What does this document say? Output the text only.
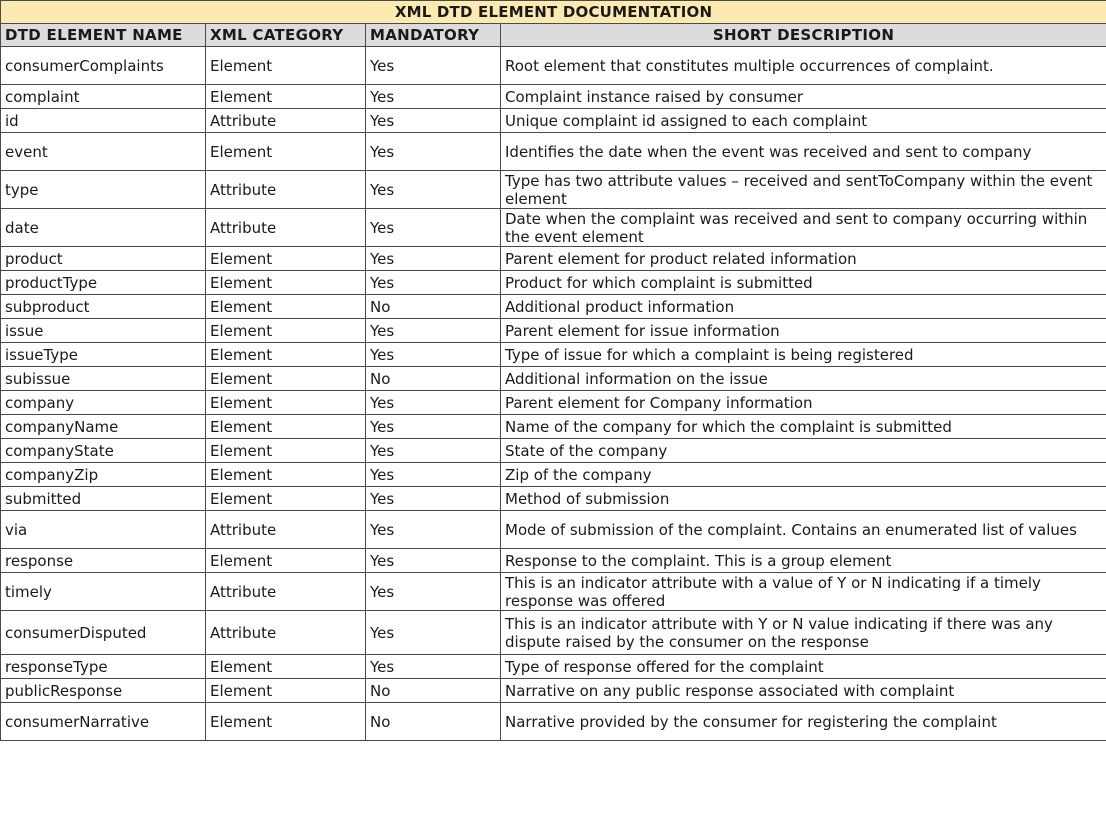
XML DTD ELEMENT DOCUMENTATION			
DTD ELEMENT NAME	XML CATEGORY	MANDATORY	SHORT DESCRIPTION
consumerComplaints	Element	Yes	Root element that constitutes multiple occurrences of complaint.
complaint	Element	Yes	Complaint instance raised by consumer
id	Attribute	Yes	Unique complaint id assigned to each complaint
event	Element	Yes	Identifies the date when the event was received and sent to company
type	Attribute	Yes	Type has two attribute values – received and sentToCompany within the event element
date	Attribute	Yes	Date when the complaint was received and sent to company occurring within the event element
product	Element	Yes	Parent element for product related information
productType	Element	Yes	Product for which complaint is submitted
subproduct	Element	No	Additional product information
issue	Element	Yes	Parent element for issue information
issueType	Element	Yes	Type of issue for which a complaint is being registered
subissue	Element	No	Additional information on the issue
company	Element	Yes	Parent element for Company information
companyName	Element	Yes	Name of the company for which the complaint is submitted
companyState	Element	Yes	State of the company
companyZip	Element	Yes	Zip of the company
submitted	Element	Yes	Method of submission
via	Attribute	Yes	Mode of submission of the complaint. Contains an enumerated list of values
response	Element	Yes	Response to the complaint. This is a group element
timely	Attribute	Yes	This is an indicator attribute with a value of Y or N indicating if a timely response was offered
consumerDisputed	Attribute	Yes	This is an indicator attribute with Y or N value indicating if there was any dispute raised by the consumer on the response
responseType	Element	Yes	Type of response offered for the complaint
publicResponse	Element	No	Narrative on any public response associated with complaint
consumerNarrative	Element	No	Narrative provided by the consumer for registering the complaint
